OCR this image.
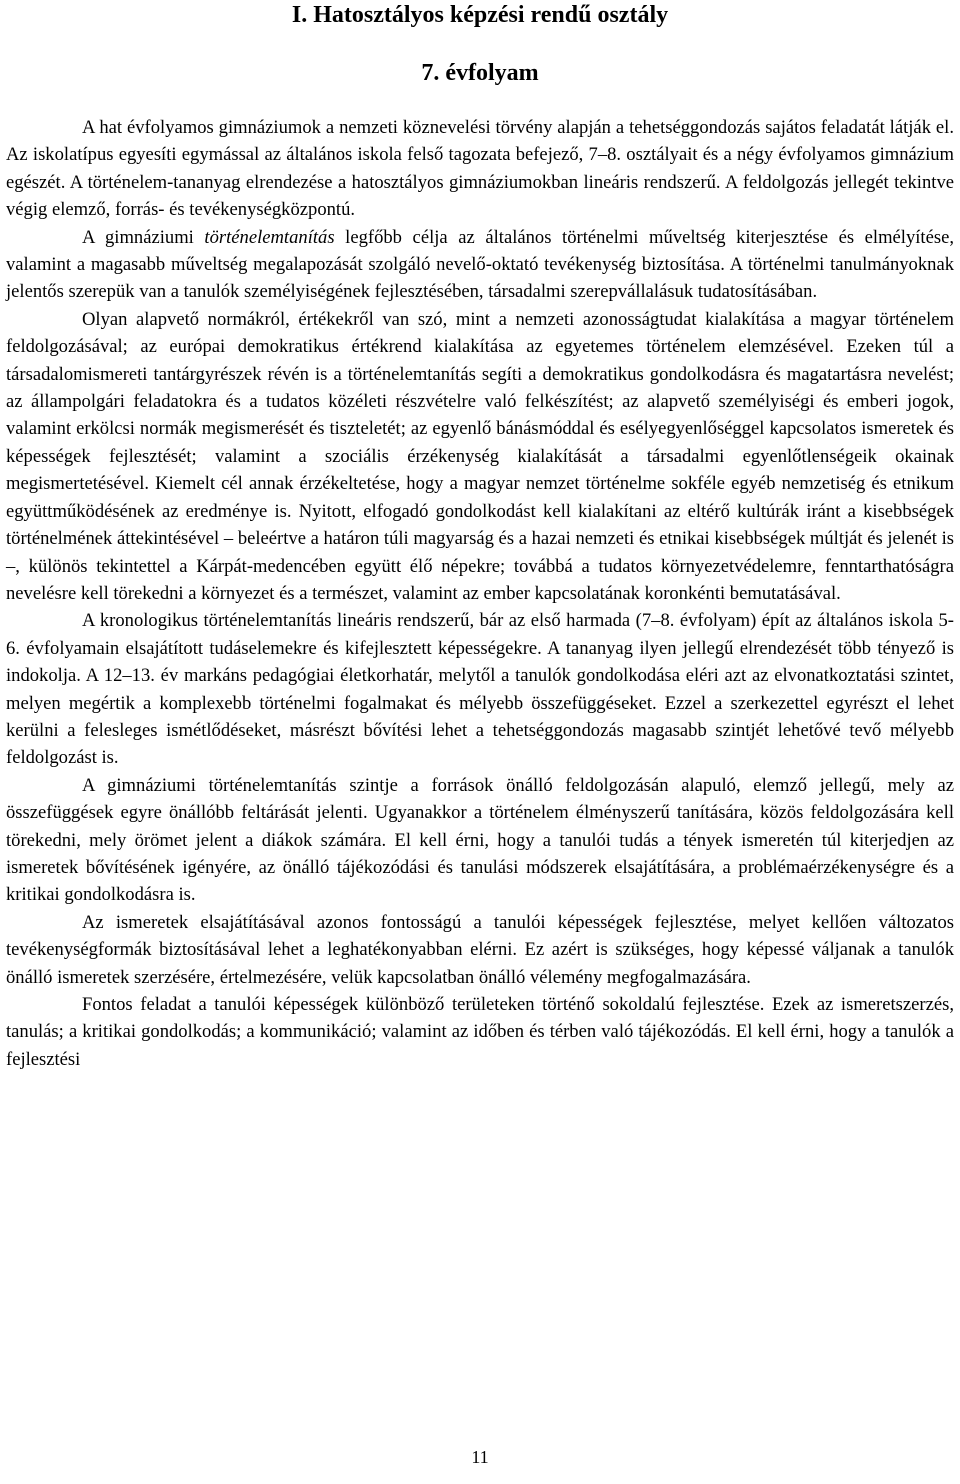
I. Hatosztályos képzési rendű osztály
7. évfolyam

A hat évfolyamos gimnáziumok a nemzeti köznevelési törvény alapján a tehetséggondozás sajátos feladatát látják el. Az iskolatípus egyesíti egymással az általános iskola felső tagozata befejező, 7–8. osztályait és a négy évfolyamos gimnázium egészét. A történelem-tananyag elrendezése a hatosztályos gimnáziumokban lineáris rendszerű. A feldolgozás jellegét tekintve végig elemző, forrás- és tevékenységközpontú.

A gimnáziumi történelemtanítás legfőbb célja az általános történelmi műveltség kiterjesztése és elmélyítése, valamint a magasabb műveltség megalapozását szolgáló nevelő-oktató tevékenység biztosítása. A történelmi tanulmányoknak jelentős szerepük van a tanulók személyiségének fejlesztésében, társadalmi szerepvállalásuk tudatosításában.

Olyan alapvető normákról, értékekről van szó, mint a nemzeti azonosságtudat kialakítása a magyar történelem feldolgozásával; az európai demokratikus értékrend kialakítása az egyetemes történelem elemzésével. Ezeken túl a társadalomismereti tantárgyrészek révén is a történelemtanítás segíti a demokratikus gondolkodásra és magatartásra nevelést; az állampolgári feladatokra és a tudatos közéleti részvételre való felkészítést; az alapvető személyiségi és emberi jogok, valamint erkölcsi normák megismerését és tiszteletét; az egyenlő bánásmóddal és esélyegyenlőséggel kapcsolatos ismeretek és képességek fejlesztését; valamint a szociális érzékenység kialakítását a társadalmi egyenlőtlenségeik okainak megismertetésével. Kiemelt cél annak érzékeltetése, hogy a magyar nemzet történelme sokféle egyéb nemzetiség és etnikum együttműködésének az eredménye is. Nyitott, elfogadó gondolkodást kell kialakítani az eltérő kultúrák iránt a kisebbségek történelmének áttekintésével – beleértve a határon túli magyarság és a hazai nemzeti és etnikai kisebbségek múltját és jelenét is –, különös tekintettel a Kárpát-medencében együtt élő népekre; továbbá a tudatos környezetvédelemre, fenntarthatóságra nevelésre kell törekedni a környezet és a természet, valamint az ember kapcsolatának koronkénti bemutatásával.

A kronologikus történelemtanítás lineáris rendszerű, bár az első harmada (7–8. évfolyam) épít az általános iskola 5-6. évfolyamain elsajátított tudáselemekre és kifejlesztett képességekre. A tananyag ilyen jellegű elrendezését több tényező is indokolja. A 12–13. év markáns pedagógiai életkorhatár, melytől a tanulók gondolkodása eléri azt az elvonatkoztatási szintet, melyen megértik a komplexebb történelmi fogalmakat és mélyebb összefüggéseket. Ezzel a szerkezettel egyrészt el lehet kerülni a felesleges ismétlődéseket, másrészt bővítési lehet a tehetséggondozás magasabb szintjét lehetővé tevő mélyebb feldolgozást is.

A gimnáziumi történelemtanítás szintje a források önálló feldolgozásán alapuló, elemző jellegű, mely az összefüggések egyre önállóbb feltárását jelenti. Ugyanakkor a történelem élményszerű tanítására, közös feldolgozására kell törekedni, mely örömet jelent a diákok számára. El kell érni, hogy a tanulói tudás a tények ismeretén túl kiterjedjen az ismeretek bővítésének igényére, az önálló tájékozódási és tanulási módszerek elsajátítására, a problémaérzékenységre és a kritikai gondolkodásra is.

Az ismeretek elsajátításával azonos fontosságú a tanulói képességek fejlesztése, melyet kellően változatos tevékenységformák biztosításával lehet a leghatékonyabban elérni. Ez azért is szükséges, hogy képessé váljanak a tanulók önálló ismeretek szerzésére, értelmezésére, velük kapcsolatban önálló vélemény megfogalmazására.

Fontos feladat a tanulói képességek különböző területeken történő sokoldalú fejlesztése. Ezek az ismeretszerzés, tanulás; a kritikai gondolkodás; a kommunikáció; valamint az időben és térben való tájékozódás. El kell érni, hogy a tanulók a fejlesztési

11
